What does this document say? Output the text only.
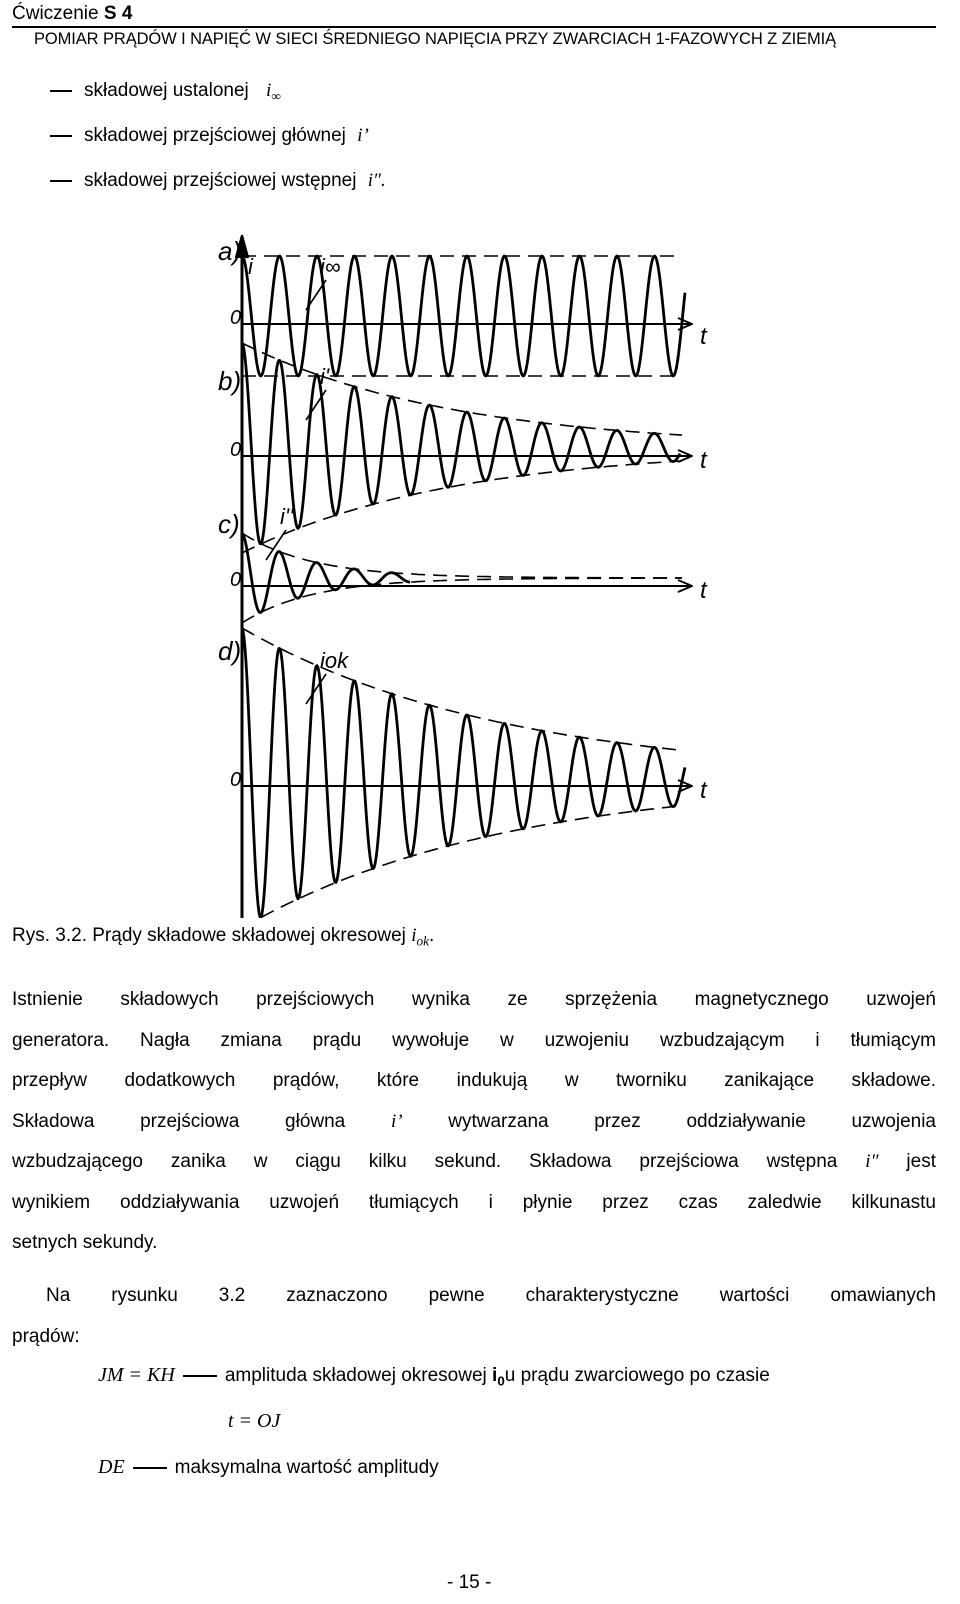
Ćwiczenie S 4
POMIAR PRĄDÓW I NAPIĘĆ W SIECI ŚREDNIEGO NAPIĘCIA PRZY ZWARCIACH 1-FAZOWYCH Z ZIEMIĄ
składowej ustalonej $i_\infty$
składowej przejściowej głównej i’
składowej przejściowej wstępnej i″.
i
0
a)
t
i∞
0
b)
t
i'
0
c)
t
i''
0
d)
t
iok
Rys. 3.2. Prądy składowe składowej okresowej $i_{ok}$.
Istnienie składowych przejściowych wynika ze sprzężenia magnetycznego uzwojeń
generatora. Nagła zmiana prądu wywołuje w uzwojeniu wzbudzającym i tłumiącym
przepływ dodatkowych prądów, które indukują w tworniku zanikające składowe.
Składowa przejściowa główna i’ wytwarzana przez oddziaływanie uzwojenia
wzbudzającego zanika w ciągu kilku sekund. Składowa przejściowa wstępna i″ jest
wynikiem oddziaływania uzwojeń tłumiących i płynie przez czas zaledwie kilkunastu
setnych sekundy.
Na rysunku 3.2 zaznaczono pewne charakterystyczne wartości omawianych
prądów:
JM = KH	amplituda składowej okresowej $i_0u$ prądu zwarciowego po czasie
t = OJ
DE	maksymalna wartość amplitudy
- 15 -
